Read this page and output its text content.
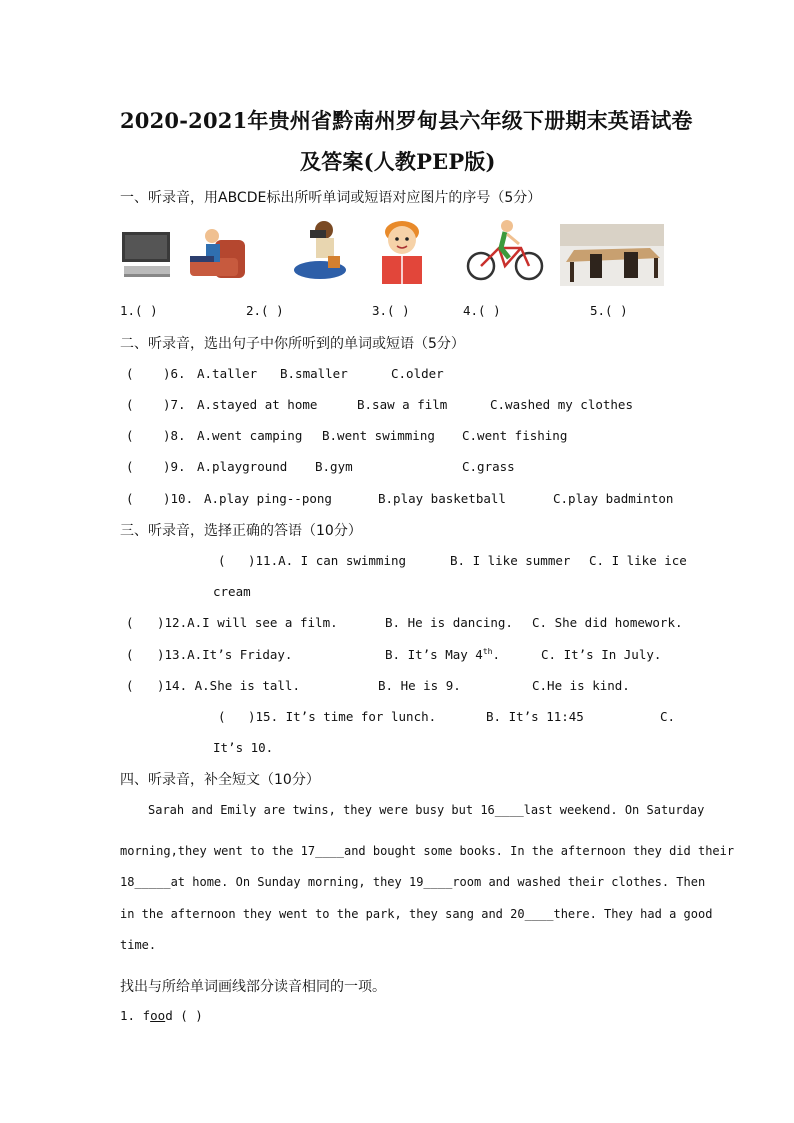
2020-2021年贵州省黔南州罗甸县六年级下册期末英语试卷
及答案(人教PEP版)
一、听录音，用ABCDE标出所听单词或短语对应图片的序号（5分）
1.( )	2.( )	3.( )	4.( )	5.( )
二、听录音，选出句子中你所听到的单词或短语（5分）
( )6. A.taller B.smaller	C.older
( )7. A.stayed at home	B.saw a film	C.washed my clothes
( )8. A.went camping B.went swimming C.went fishing
( )9. A.playground B.gym	C.grass
( )10. A.play ping--pong	B.play basketball	C.play badminton
三、听录音，选择正确的答语（10分）
( )11.A. I can swimming	B. I like summer C. I like ice
cream
( )12.A.I will see a film.	B. He is dancing. C. She did homework.
( )13.A.It’s Friday.	B. It’s May 4th.	C. It’s In July.
( )14. A.She is tall.	B. He is 9.	C.He is kind.
( )15. It’s time for lunch.	B. It’s 11:45	C.
It’s 10.
四、听录音，补全短文（10分）
Sarah and Emily are twins, they were busy but 16____last weekend. On Saturday
morning,they went to the 17____and bought some books. In the afternoon they did their
18_____at home. On Sunday morning, they 19____room and washed their clothes. Then
in the afternoon they went to the park, they sang and 20____there. They had a good
time.
找出与所给单词画线部分读音相同的一项。
1. food ( )
